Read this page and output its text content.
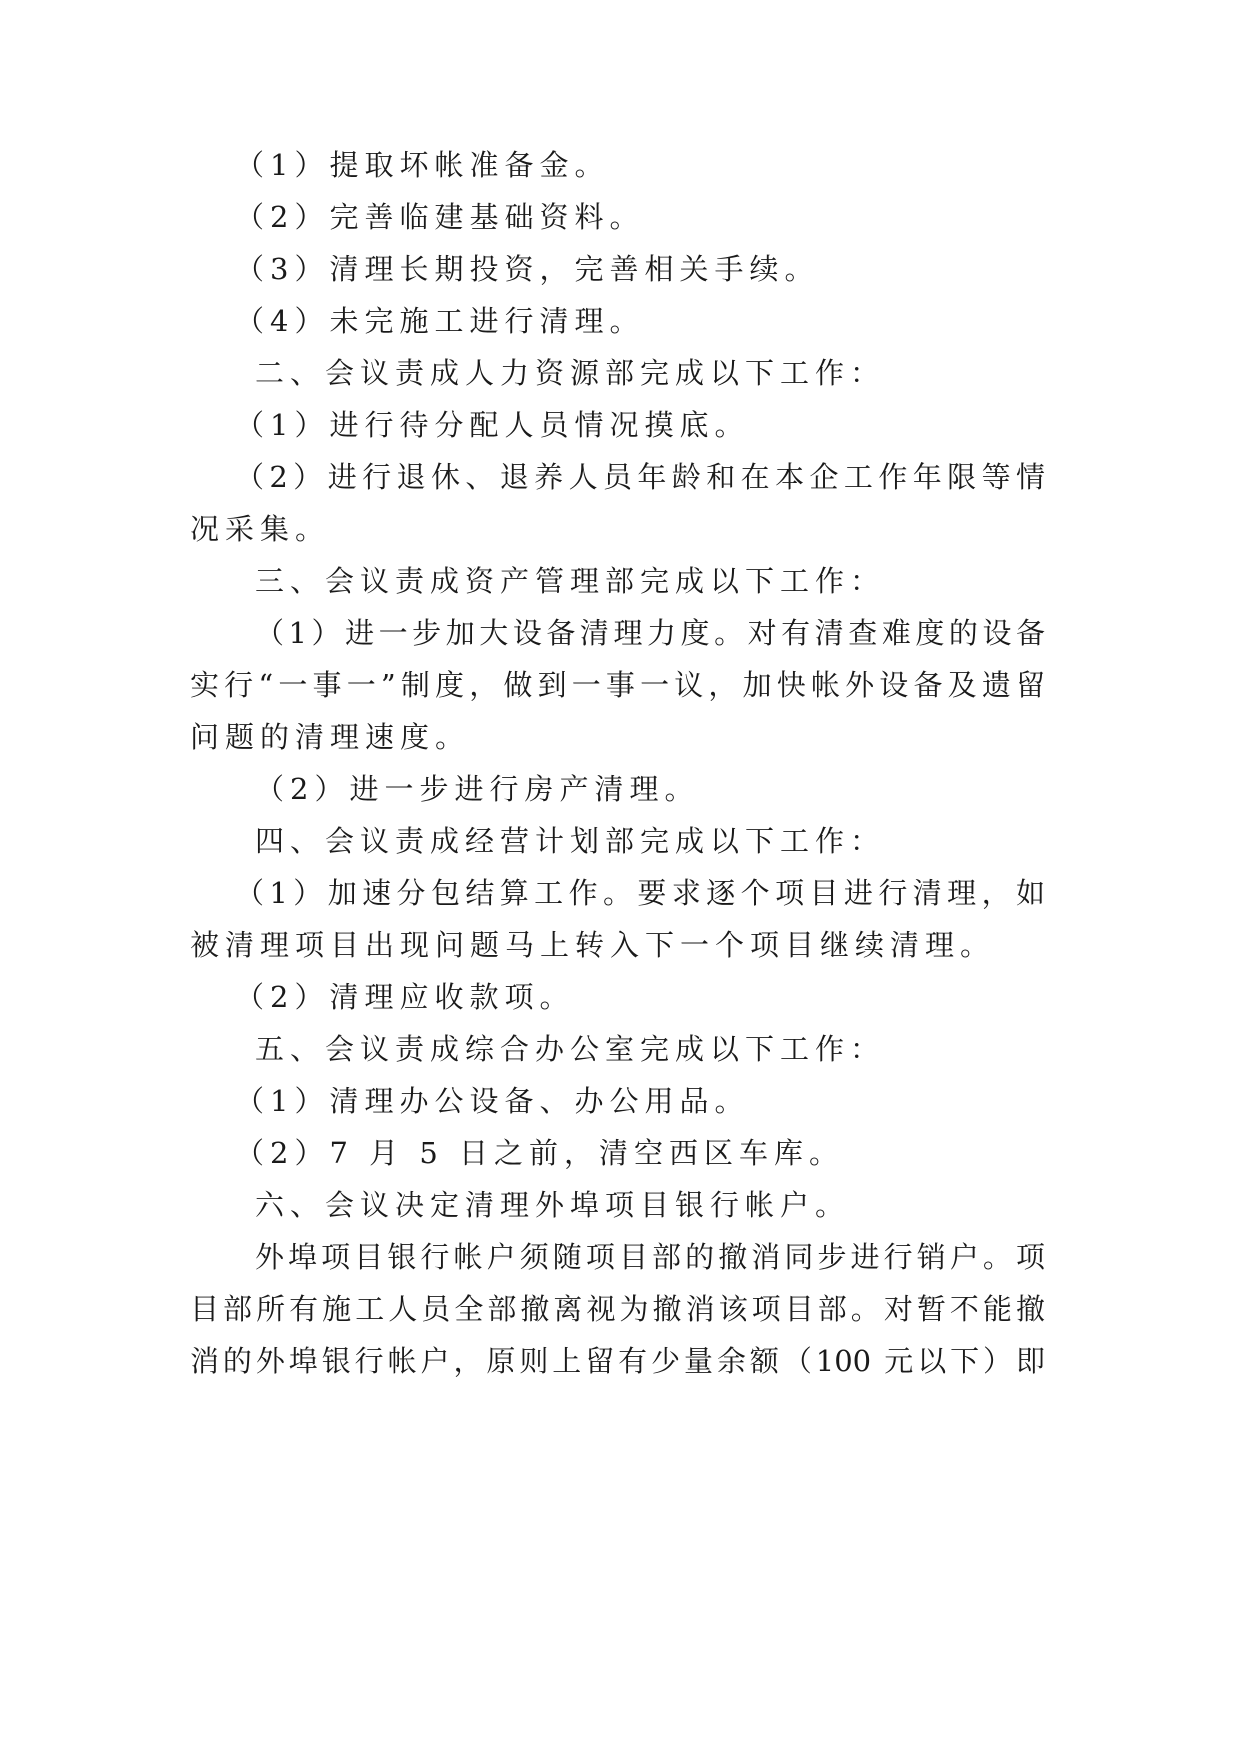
（1）提取坏帐准备金。
（2）完善临建基础资料。
（3）清理长期投资，完善相关手续。
（4）未完施工进行清理。
二、会议责成人力资源部完成以下工作：
（1）进行待分配人员情况摸底。
（2）进行退休、退养人员年龄和在本企工作年限等情
况采集。
三、会议责成资产管理部完成以下工作：
（1）进一步加大设备清理力度。对有清查难度的设备
实行“一事一”制度，做到一事一议，加快帐外设备及遗留
问题的清理速度。
（2）进一步进行房产清理。
四、会议责成经营计划部完成以下工作：
（1）加速分包结算工作。要求逐个项目进行清理，如
被清理项目出现问题马上转入下一个项目继续清理。
（2）清理应收款项。
五、会议责成综合办公室完成以下工作：
（1）清理办公设备、办公用品。
（2）7 月 5 日之前，清空西区车库。
六、会议决定清理外埠项目银行帐户。
外埠项目银行帐户须随项目部的撤消同步进行销户。项
目部所有施工人员全部撤离视为撤消该项目部。对暂不能撤
消的外埠银行帐户，原则上留有少量余额（100 元以下）即
